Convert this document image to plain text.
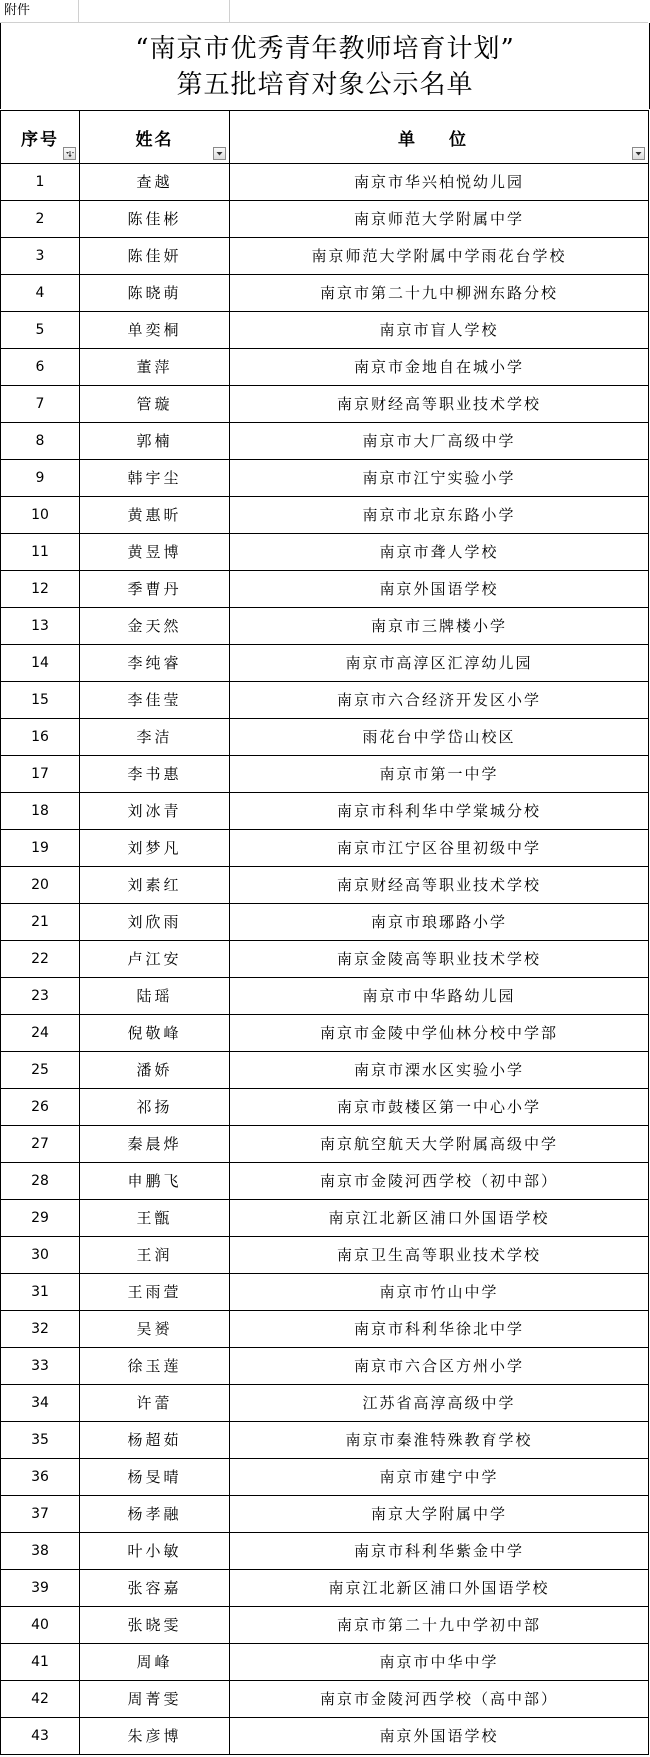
附件
“南京市优秀青年教师培育计划”
第五批培育对象公示名单
序号	姓名	单 位

1	查越	南京市华兴柏悦幼儿园
2	陈佳彬	南京师范大学附属中学
3	陈佳妍	南京师范大学附属中学雨花台学校
4	陈晓萌	南京市第二十九中柳洲东路分校
5	单奕桐	南京市盲人学校
6	董萍	南京市金地自在城小学
7	管璇	南京财经高等职业技术学校
8	郭楠	南京市大厂高级中学
9	韩宇尘	南京市江宁实验小学
10	黄惠昕	南京市北京东路小学
11	黄昱博	南京市聋人学校
12	季曹丹	南京外国语学校
13	金天然	南京市三牌楼小学
14	李纯睿	南京市高淳区汇淳幼儿园
15	李佳莹	南京市六合经济开发区小学
16	李洁	雨花台中学岱山校区
17	李书惠	南京市第一中学
18	刘冰青	南京市科利华中学棠城分校
19	刘梦凡	南京市江宁区谷里初级中学
20	刘素红	南京财经高等职业技术学校
21	刘欣雨	南京市琅琊路小学
22	卢江安	南京金陵高等职业技术学校
23	陆瑶	南京市中华路幼儿园
24	倪敬峰	南京市金陵中学仙林分校中学部
25	潘娇	南京市溧水区实验小学
26	祁扬	南京市鼓楼区第一中心小学
27	秦晨烨	南京航空航天大学附属高级中学
28	申鹏飞	南京市金陵河西学校（初中部）
29	王甑	南京江北新区浦口外国语学校
30	王润	南京卫生高等职业技术学校
31	王雨萱	南京市竹山中学
32	吴赟	南京市科利华徐北中学
33	徐玉莲	南京市六合区方州小学
34	许蕾	江苏省高淳高级中学
35	杨超茹	南京市秦淮特殊教育学校
36	杨旻晴	南京市建宁中学
37	杨孝融	南京大学附属中学
38	叶小敏	南京市科利华紫金中学
39	张容嘉	南京江北新区浦口外国语学校
40	张晓雯	南京市第二十九中学初中部
41	周峰	南京市中华中学
42	周菁雯	南京市金陵河西学校（高中部）
43	朱彦博	南京外国语学校
